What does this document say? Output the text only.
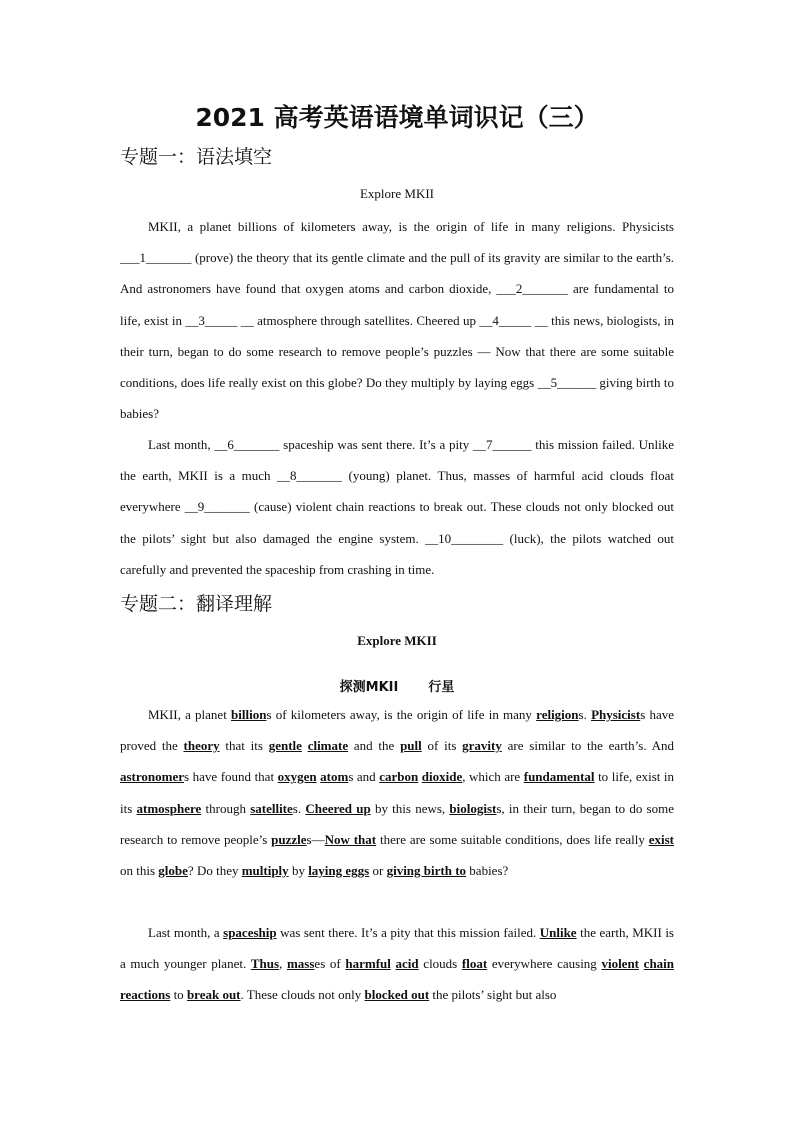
2021 高考英语语境单词识记（三）
专题一：语法填空
Explore MKII

MKII, a planet billions of kilometers away, is the origin of life in many religions. Physicists ___1_______ (prove) the theory that its gentle climate and the pull of its gravity are similar to the earth’s. And astronomers have found that oxygen atoms and carbon dioxide, ___2_______ are fundamental to life, exist in __3_____ __ atmosphere through satellites. Cheered up __4_____ __ this news, biologists, in their turn, began to do some research to remove people’s puzzles — Now that there are some suitable conditions, does life really exist on this globe? Do they multiply by laying eggs __5______ giving birth to babies?

Last month, __6_______ spaceship was sent there. It’s a pity __7______ this mission failed. Unlike the earth, MKII is a much __8_______ (young) planet. Thus, masses of harmful acid clouds float everywhere __9_______ (cause) violent chain reactions to break out. These clouds not only blocked out the pilots’ sight but also damaged the engine system. __10________ (luck), the pilots watched out carefully and prevented the spaceship from crashing in time.

专题二：翻译理解
Explore MKII
探测MKII 行星

MKII, a planet billions of kilometers away, is the origin of life in many religions. Physicists have proved the theory that its gentle climate and the pull of its gravity are similar to the earth’s. And astronomers have found that oxygen atoms and carbon dioxide, which are fundamental to life, exist in its atmosphere through satellites. Cheered up by this news, biologists, in their turn, began to do some research to remove people’s puzzles—Now that there are some suitable conditions, does life really exist on this globe? Do they multiply by laying eggs or giving birth to babies?

Last month, a spaceship was sent there. It’s a pity that this mission failed. Unlike the earth, MKII is a much younger planet. Thus, masses of harmful acid clouds float everywhere causing violent chain reactions to break out. These clouds not only blocked out the pilots’ sight but also
